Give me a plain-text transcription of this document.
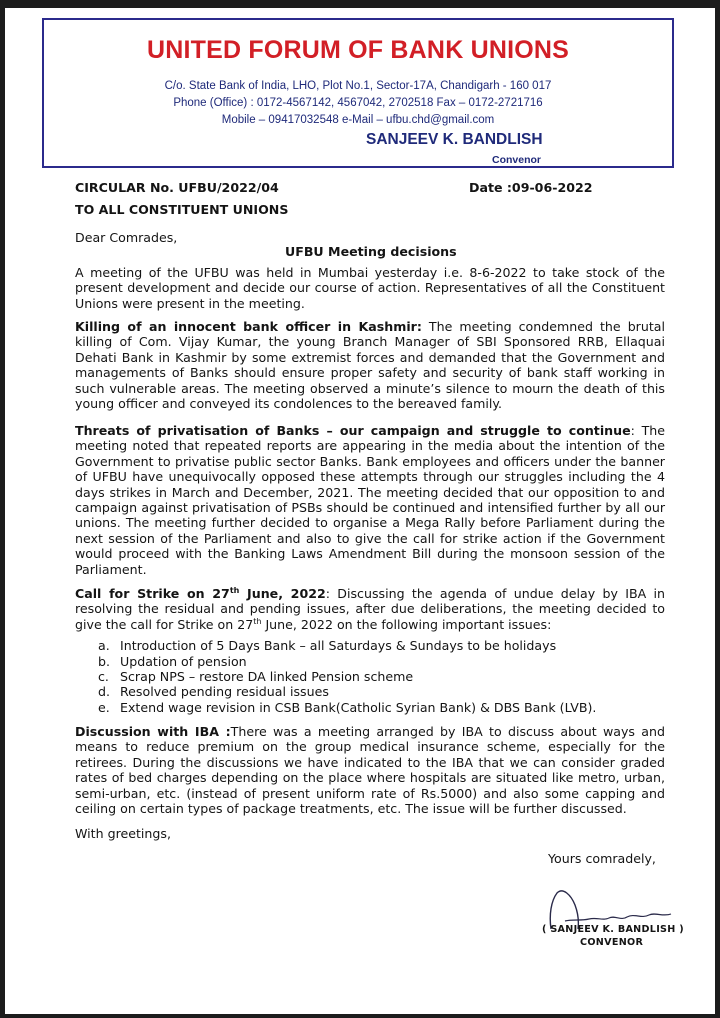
UNITED FORUM OF BANK UNIONS
C/o. State Bank of India, LHO, Plot No.1, Sector-17A, Chandigarh - 160 017
Phone (Office) : 0172-4567142, 4567042, 2702518 Fax – 0172-2721716
Mobile – 09417032548 e-Mail – ufbu.chd@gmail.com
SANJEEV K. BANDLISH
Convenor
CIRCULAR No. UFBU/2022/04	Date :09-06-2022
TO ALL CONSTITUENT UNIONS
Dear Comrades,
UFBU Meeting decisions
A meeting of the UFBU was held in Mumbai yesterday i.e. 8-6-2022 to take stock of the present development and decide our course of action. Representatives of all the Constituent Unions were present in the meeting.
Killing of an innocent bank officer in Kashmir: The meeting condemned the brutal killing of Com. Vijay Kumar, the young Branch Manager of SBI Sponsored RRB, Ellaquai Dehati Bank in Kashmir by some extremist forces and demanded that the Government and managements of Banks should ensure proper safety and security of bank staff working in such vulnerable areas. The meeting observed a minute’s silence to mourn the death of this young officer and conveyed its condolences to the bereaved family.
Threats of privatisation of Banks – our campaign and struggle to continue: The meeting noted that repeated reports are appearing in the media about the intention of the Government to privatise public sector Banks. Bank employees and officers under the banner of UFBU have unequivocally opposed these attempts through our struggles including the 4 days strikes in March and December, 2021. The meeting decided that our opposition to and campaign against privatisation of PSBs should be continued and intensified further by all our unions. The meeting further decided to organise a Mega Rally before Parliament during the next session of the Parliament and also to give the call for strike action if the Government would proceed with the Banking Laws Amendment Bill during the monsoon session of the Parliament.
Call for Strike on 27th June, 2022: Discussing the agenda of undue delay by IBA in resolving the residual and pending issues, after due deliberations, the meeting decided to give the call for Strike on 27th June, 2022 on the following important issues:
a. Introduction of 5 Days Bank – all Saturdays & Sundays to be holidays
b. Updation of pension
c. Scrap NPS – restore DA linked Pension scheme
d. Resolved pending residual issues
e. Extend wage revision in CSB Bank(Catholic Syrian Bank) & DBS Bank (LVB).
Discussion with IBA :There was a meeting arranged by IBA to discuss about ways and means to reduce premium on the group medical insurance scheme, especially for the retirees. During the discussions we have indicated to the IBA that we can consider graded rates of bed charges depending on the place where hospitals are situated like metro, urban, semi-urban, etc. (instead of present uniform rate of Rs.5000) and also some capping and ceiling on certain types of package treatments, etc. The issue will be further discussed.
With greetings,
Yours comradely,
( SANJEEV K. BANDLISH )
CONVENOR
